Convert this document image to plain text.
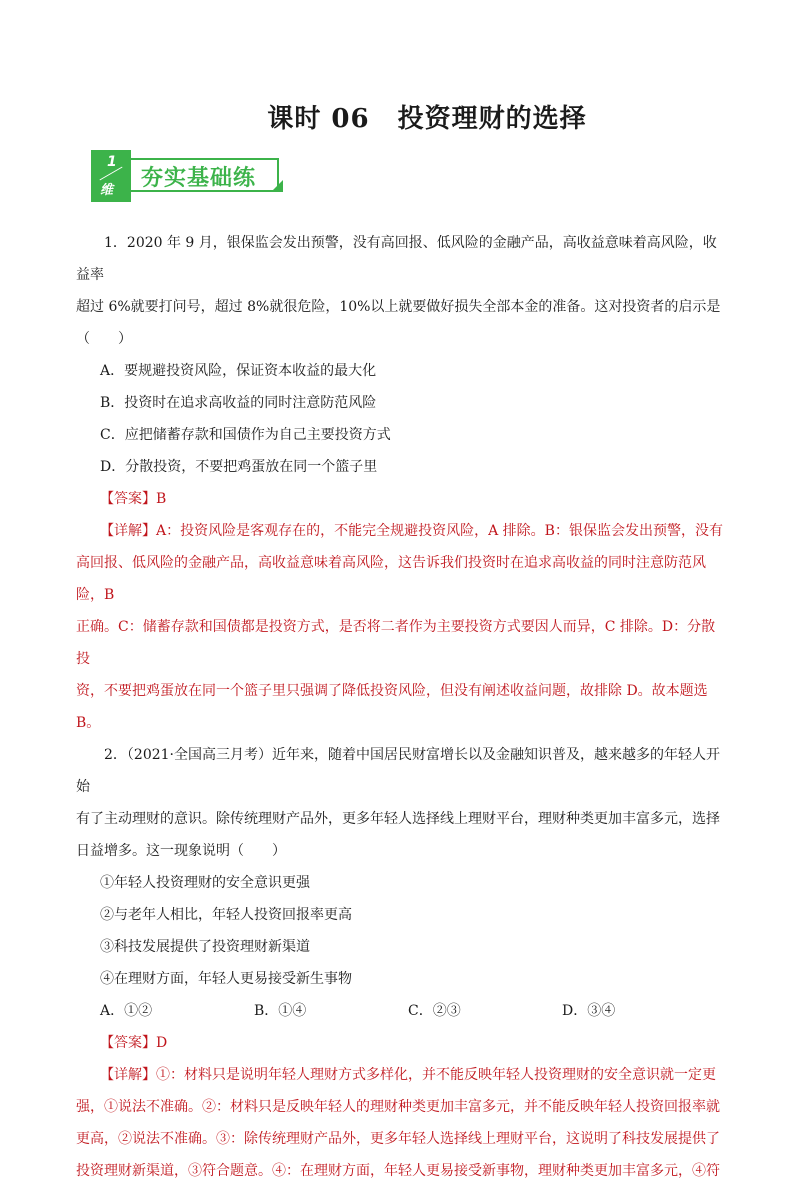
课时 06 投资理财的选择
1
维 夯实基础练

1．2020 年 9 月，银保监会发出预警，没有高回报、低风险的金融产品，高收益意味着高风险，收益率

超过 6%就要打问号，超过 8%就很危险，10%以上就要做好损失全部本金的准备。这对投资者的启示是

（　　）

A．要规避投资风险，保证资本收益的最大化

B．投资时在追求高收益的同时注意防范风险

C．应把储蓄存款和国债作为自己主要投资方式

D．分散投资，不要把鸡蛋放在同一个篮子里

【答案】B

【详解】A：投资风险是客观存在的，不能完全规避投资风险，A 排除。B：银保监会发出预警，没有

高回报、低风险的金融产品，高收益意味着高风险，这告诉我们投资时在追求高收益的同时注意防范风险，B

正确。C：储蓄存款和国债都是投资方式，是否将二者作为主要投资方式要因人而异，C 排除。D：分散投

资，不要把鸡蛋放在同一个篮子里只强调了降低投资风险，但没有阐述收益问题，故排除 D。故本题选 B。

2．（2021·全国高三月考）近年来，随着中国居民财富增长以及金融知识普及，越来越多的年轻人开始

有了主动理财的意识。除传统理财产品外，更多年轻人选择线上理财平台，理财种类更加丰富多元，选择

日益增多。这一现象说明（　　）

①年轻人投资理财的安全意识更强

②与老年人相比，年轻人投资回报率更高

③科技发展提供了投资理财新渠道

④在理财方面，年轻人更易接受新生事物

A．①②	B．①④	C．②③	D．③④

【答案】D

【详解】①：材料只是说明年轻人理财方式多样化，并不能反映年轻人投资理财的安全意识就一定更

强，①说法不准确。②：材料只是反映年轻人的理财种类更加丰富多元，并不能反映年轻人投资回报率就

更高，②说法不准确。③：除传统理财产品外，更多年轻人选择线上理财平台，这说明了科技发展提供了

投资理财新渠道，③符合题意。④：在理财方面，年轻人更易接受新事物，理财种类更加丰富多元，④符
